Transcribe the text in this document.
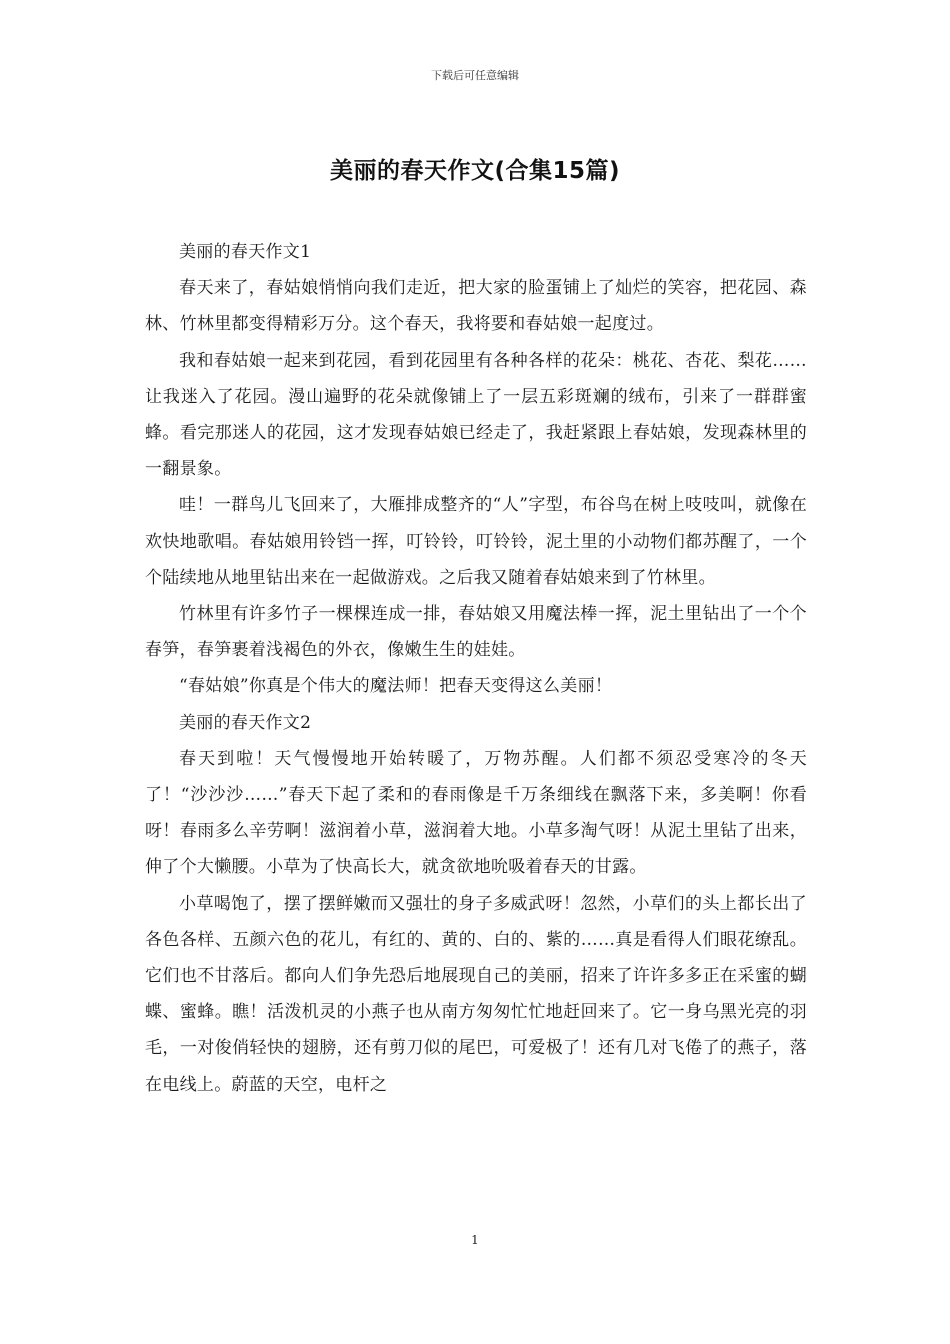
下载后可任意编辑
美丽的春天作文(合集15篇)

美丽的春天作文1

春天来了，春姑娘悄悄向我们走近，把大家的脸蛋铺上了灿烂的笑容，把花园、森林、竹林里都变得精彩万分。这个春天，我将要和春姑娘一起度过。

我和春姑娘一起来到花园，看到花园里有各种各样的花朵：桃花、杏花、梨花……让我迷入了花园。漫山遍野的花朵就像铺上了一层五彩斑斓的绒布，引来了一群群蜜蜂。看完那迷人的花园，这才发现春姑娘已经走了，我赶紧跟上春姑娘，发现森林里的一翻景象。

哇！一群鸟儿飞回来了，大雁排成整齐的“人”字型，布谷鸟在树上吱吱叫，就像在欢快地歌唱。春姑娘用铃铛一挥，叮铃铃，叮铃铃，泥土里的小动物们都苏醒了，一个个陆续地从地里钻出来在一起做游戏。之后我又随着春姑娘来到了竹林里。

竹林里有许多竹子一棵棵连成一排，春姑娘又用魔法棒一挥，泥土里钻出了一个个春笋，春笋裹着浅褐色的外衣，像嫩生生的娃娃。

“春姑娘”你真是个伟大的魔法师！把春天变得这么美丽！

美丽的春天作文2

春天到啦！天气慢慢地开始转暖了，万物苏醒。人们都不须忍受寒冷的冬天了！“沙沙沙……”春天下起了柔和的春雨像是千万条细线在飘落下来，多美啊！你看呀！春雨多么辛劳啊！滋润着小草，滋润着大地。小草多淘气呀！从泥土里钻了出来，伸了个大懒腰。小草为了快高长大，就贪欲地吮吸着春天的甘露。

小草喝饱了，摆了摆鲜嫩而又强壮的身子多威武呀！忽然，小草们的头上都长出了各色各样、五颜六色的花儿，有红的、黄的、白的、紫的……真是看得人们眼花缭乱。它们也不甘落后。都向人们争先恐后地展现自己的美丽，招来了许许多多正在采蜜的蝴蝶、蜜蜂。瞧！活泼机灵的小燕子也从南方匆匆忙忙地赶回来了。它一身乌黑光亮的羽毛，一对俊俏轻快的翅膀，还有剪刀似的尾巴，可爱极了！还有几对飞倦了的燕子，落在电线上。蔚蓝的天空，电杆之

1
